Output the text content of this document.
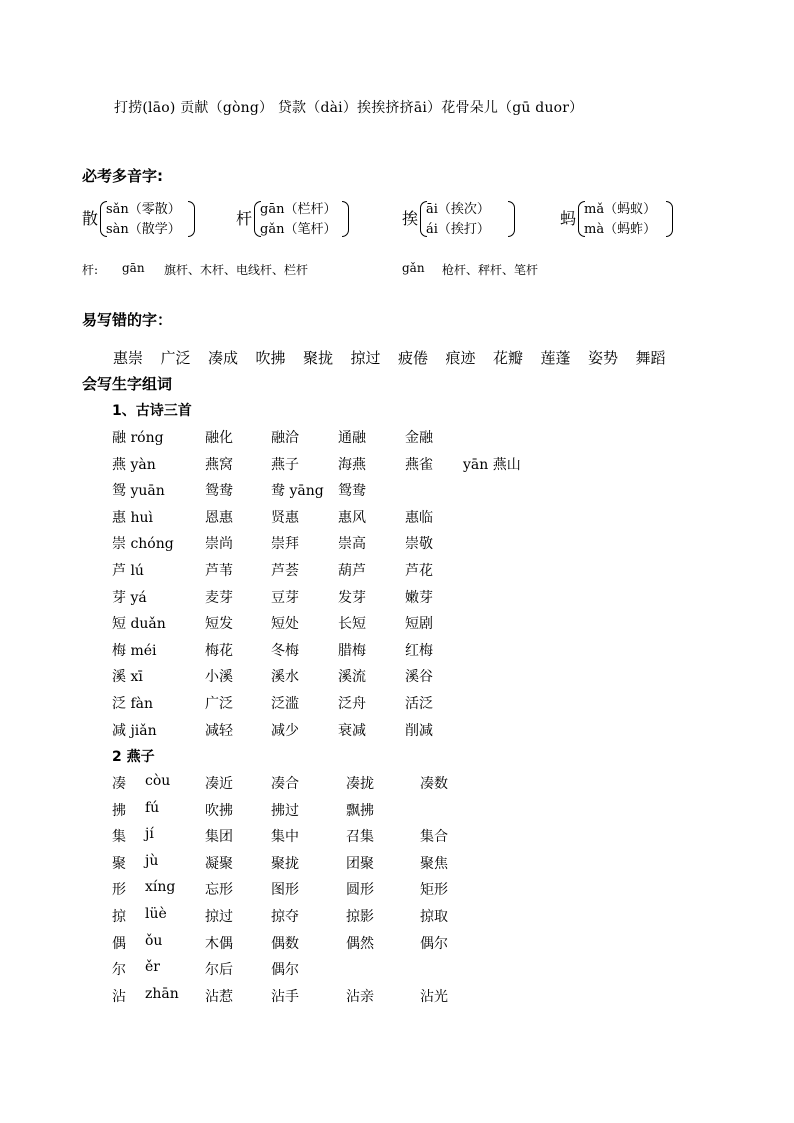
打捞(lāo) 贡献（gòng） 贷款（dài）挨挨挤挤āi）花骨朵儿（gū duor）
必考多音字:
散 sǎn（零散）
sàn（散学）
杆 gān（栏杆）
gǎn（笔杆）
挨 āi（挨次）
ái（挨打）
蚂 mǎ（蚂蚁）
mà（蚂蚱）
杆: gān 旗杆、木杆、电线杆、栏杆	gǎn 枪杆、秤杆、笔杆
易写错的字：
惠崇 广泛 凑成 吹拂 聚拢 掠过 疲倦 痕迹 花瓣 莲蓬 姿势 舞蹈
会写生字组词
1、古诗三首
融 róng	融化	融洽	通融	金融
燕 yàn	燕窝	燕子	海燕	燕雀 yān 燕山
鸳 yuān	鸳鸯	鸯 yāng 鸳鸯
惠 huì	恩惠	贤惠	惠风	惠临
崇 chóng 崇尚	崇拜	崇高	崇敬
芦 lú	芦苇	芦荟	葫芦	芦花
芽 yá	麦芽	豆芽	发芽	嫩芽
短 duǎn	短发	短处	长短	短剧
梅 méi	梅花	冬梅	腊梅	红梅
溪 xī	小溪	溪水	溪流	溪谷
泛 fàn	广泛	泛滥	泛舟	活泛
减 jiǎn	减轻	减少	衰减	削减
2 燕子
凑 còu 凑近	凑合	凑拢	凑数
拂 fú	吹拂	拂过	飘拂
集 jí	集团	集中	召集	集合
聚 jù	凝聚	聚拢	团聚	聚焦
形 xíng 忘形	图形	圆形	矩形
掠 lüè	掠过	掠夺	掠影	掠取
偶 ǒu	木偶	偶数	偶然	偶尔
尔 ěr	尔后	偶尔
沾 zhān 沾惹	沾手	沾亲	沾光
